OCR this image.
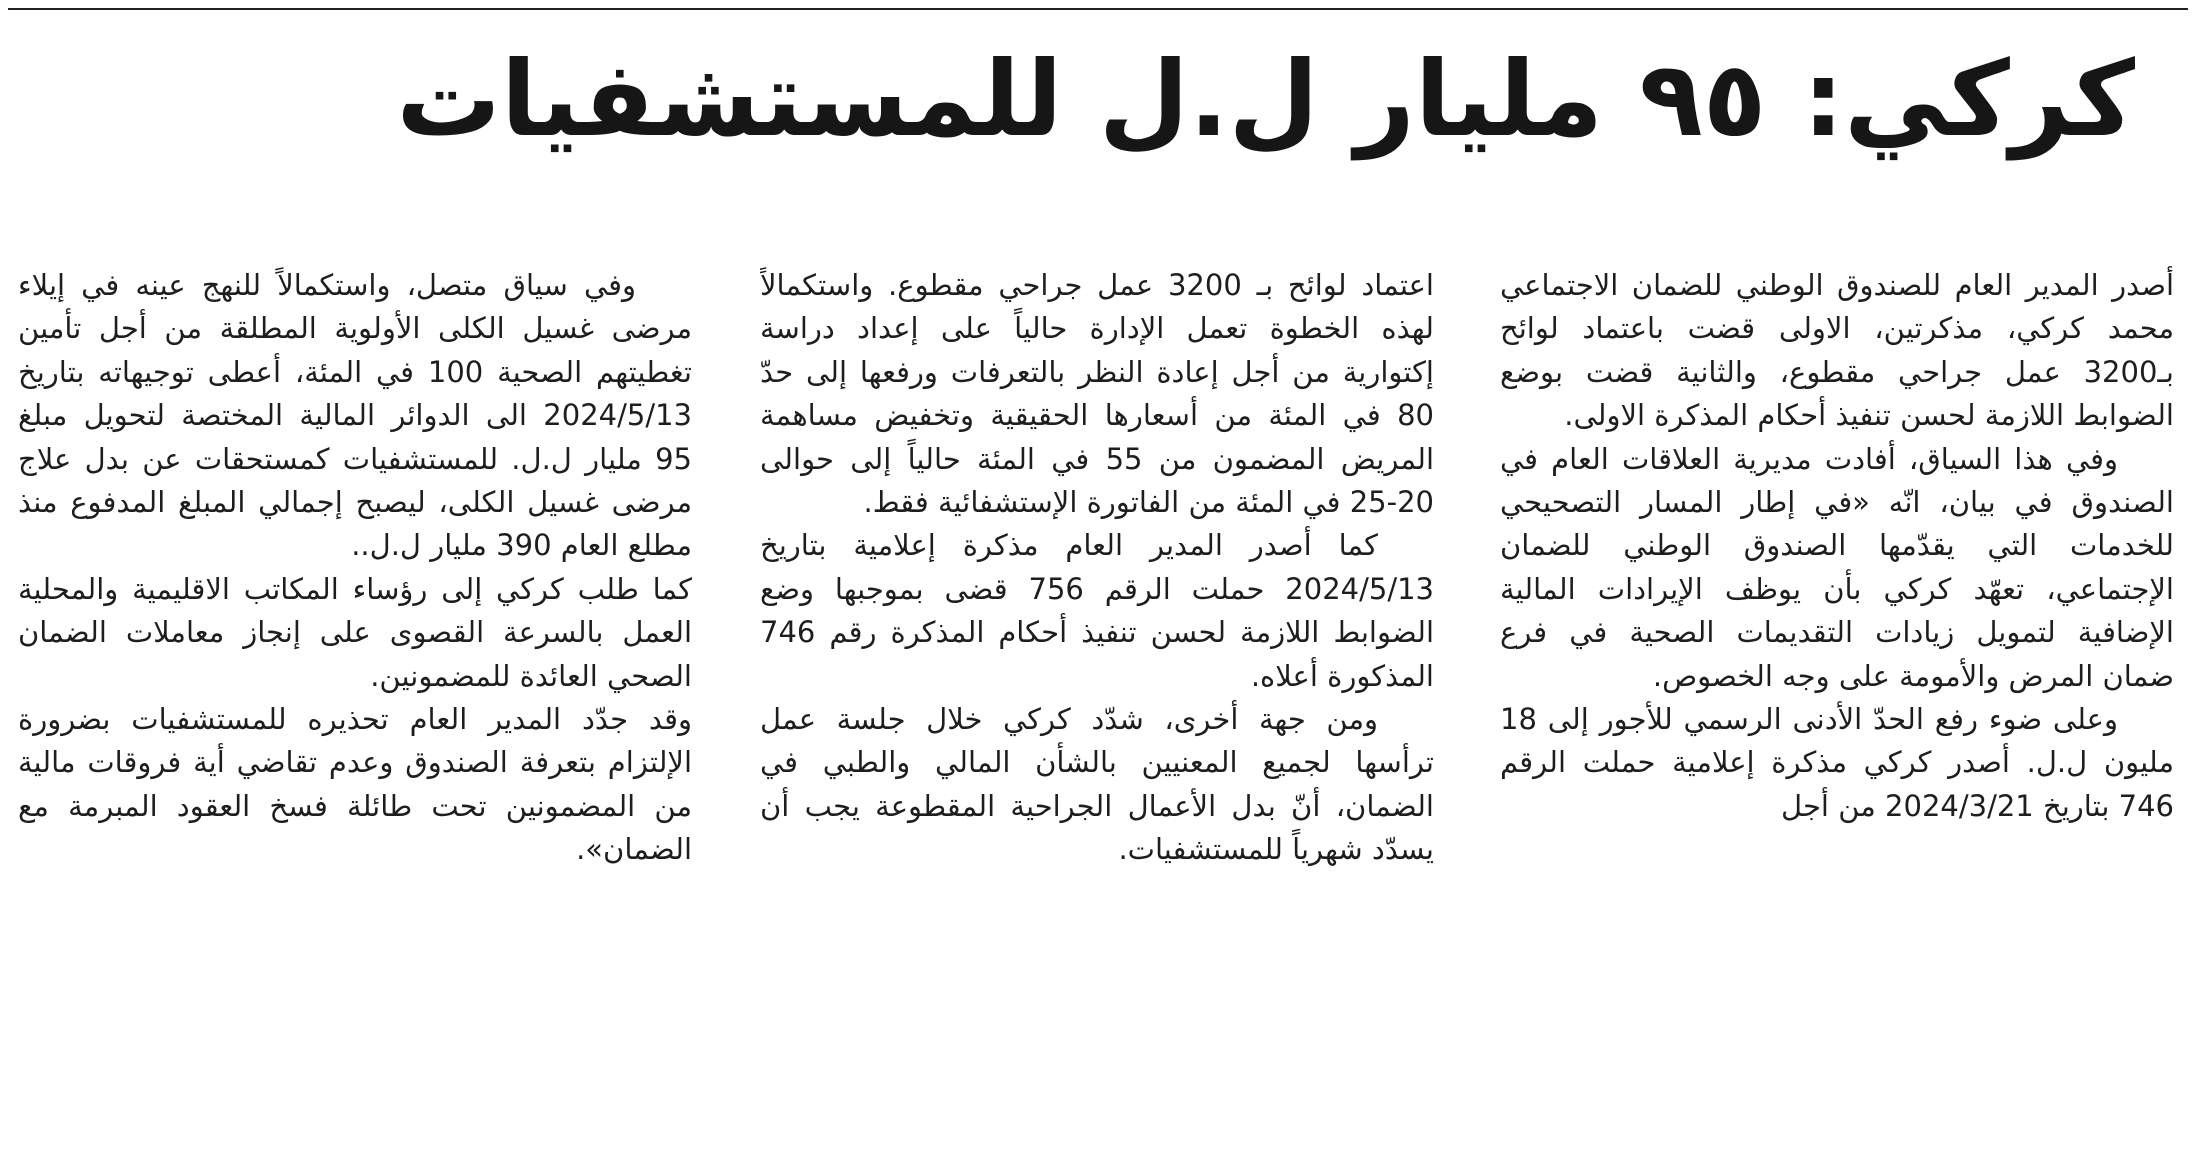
كركي: ٩٥ مليار ل.ل للمستشفيات

أصدر المدير العام للصندوق الوطني للضمان الاجتماعي محمد كركي، مذكرتين، الاولى قضت باعتماد لوائح بـ3200 عمل جراحي مقطوع، والثانية قضت بوضع الضوابط اللازمة لحسن تنفيذ أحكام المذكرة الاولى.

وفي هذا السياق، أفادت مديرية العلاقات العام في الصندوق في بيان، انّه «في إطار المسار التصحيحي للخدمات التي يقدّمها الصندوق الوطني للضمان الإجتماعي، تعهّد كركي بأن يوظف الإيرادات المالية الإضافية لتمويل زيادات التقديمات الصحية في فرع ضمان المرض والأمومة على وجه الخصوص.

وعلى ضوء رفع الحدّ الأدنى الرسمي للأجور إلى 18 مليون ل.ل. أصدر كركي مذكرة إعلامية حملت الرقم 746 بتاريخ 2024/3/21 من أجل

اعتماد لوائح بـ 3200 عمل جراحي مقطوع. واستكمالاً لهذه الخطوة تعمل الإدارة حالياً على إعداد دراسة إكتوارية من أجل إعادة النظر بالتعرفات ورفعها إلى حدّ 80 في المئة من أسعارها الحقيقية وتخفيض مساهمة المريض المضمون من 55 في المئة حالياً إلى حوالى 20-25 في المئة من الفاتورة الإستشفائية فقط.

كما أصدر المدير العام مذكرة إعلامية بتاريخ 2024/5/13 حملت الرقم 756 قضى بموجبها وضع الضوابط اللازمة لحسن تنفيذ أحكام المذكرة رقم 746 المذكورة أعلاه.

ومن جهة أخرى، شدّد كركي خلال جلسة عمل ترأسها لجميع المعنيين بالشأن المالي والطبي في الضمان، أنّ بدل الأعمال الجراحية المقطوعة يجب أن يسدّد شهرياً للمستشفيات.

وفي سياق متصل، واستكمالاً للنهج عينه في إيلاء مرضى غسيل الكلى الأولوية المطلقة من أجل تأمين تغطيتهم الصحية 100 في المئة، أعطى توجيهاته بتاريخ 2024/5/13 الى الدوائر المالية المختصة لتحويل مبلغ 95 مليار ل.ل. للمستشفيات كمستحقات عن بدل علاج مرضى غسيل الكلى، ليصبح إجمالي المبلغ المدفوع منذ مطلع العام 390 مليار ل.ل..

كما طلب كركي إلى رؤساء المكاتب الاقليمية والمحلية العمل بالسرعة القصوى على إنجاز معاملات الضمان الصحي العائدة للمضمونين.

وقد جدّد المدير العام تحذيره للمستشفيات بضرورة الإلتزام بتعرفة الصندوق وعدم تقاضي أية فروقات مالية من المضمونين تحت طائلة فسخ العقود المبرمة مع الضمان».
